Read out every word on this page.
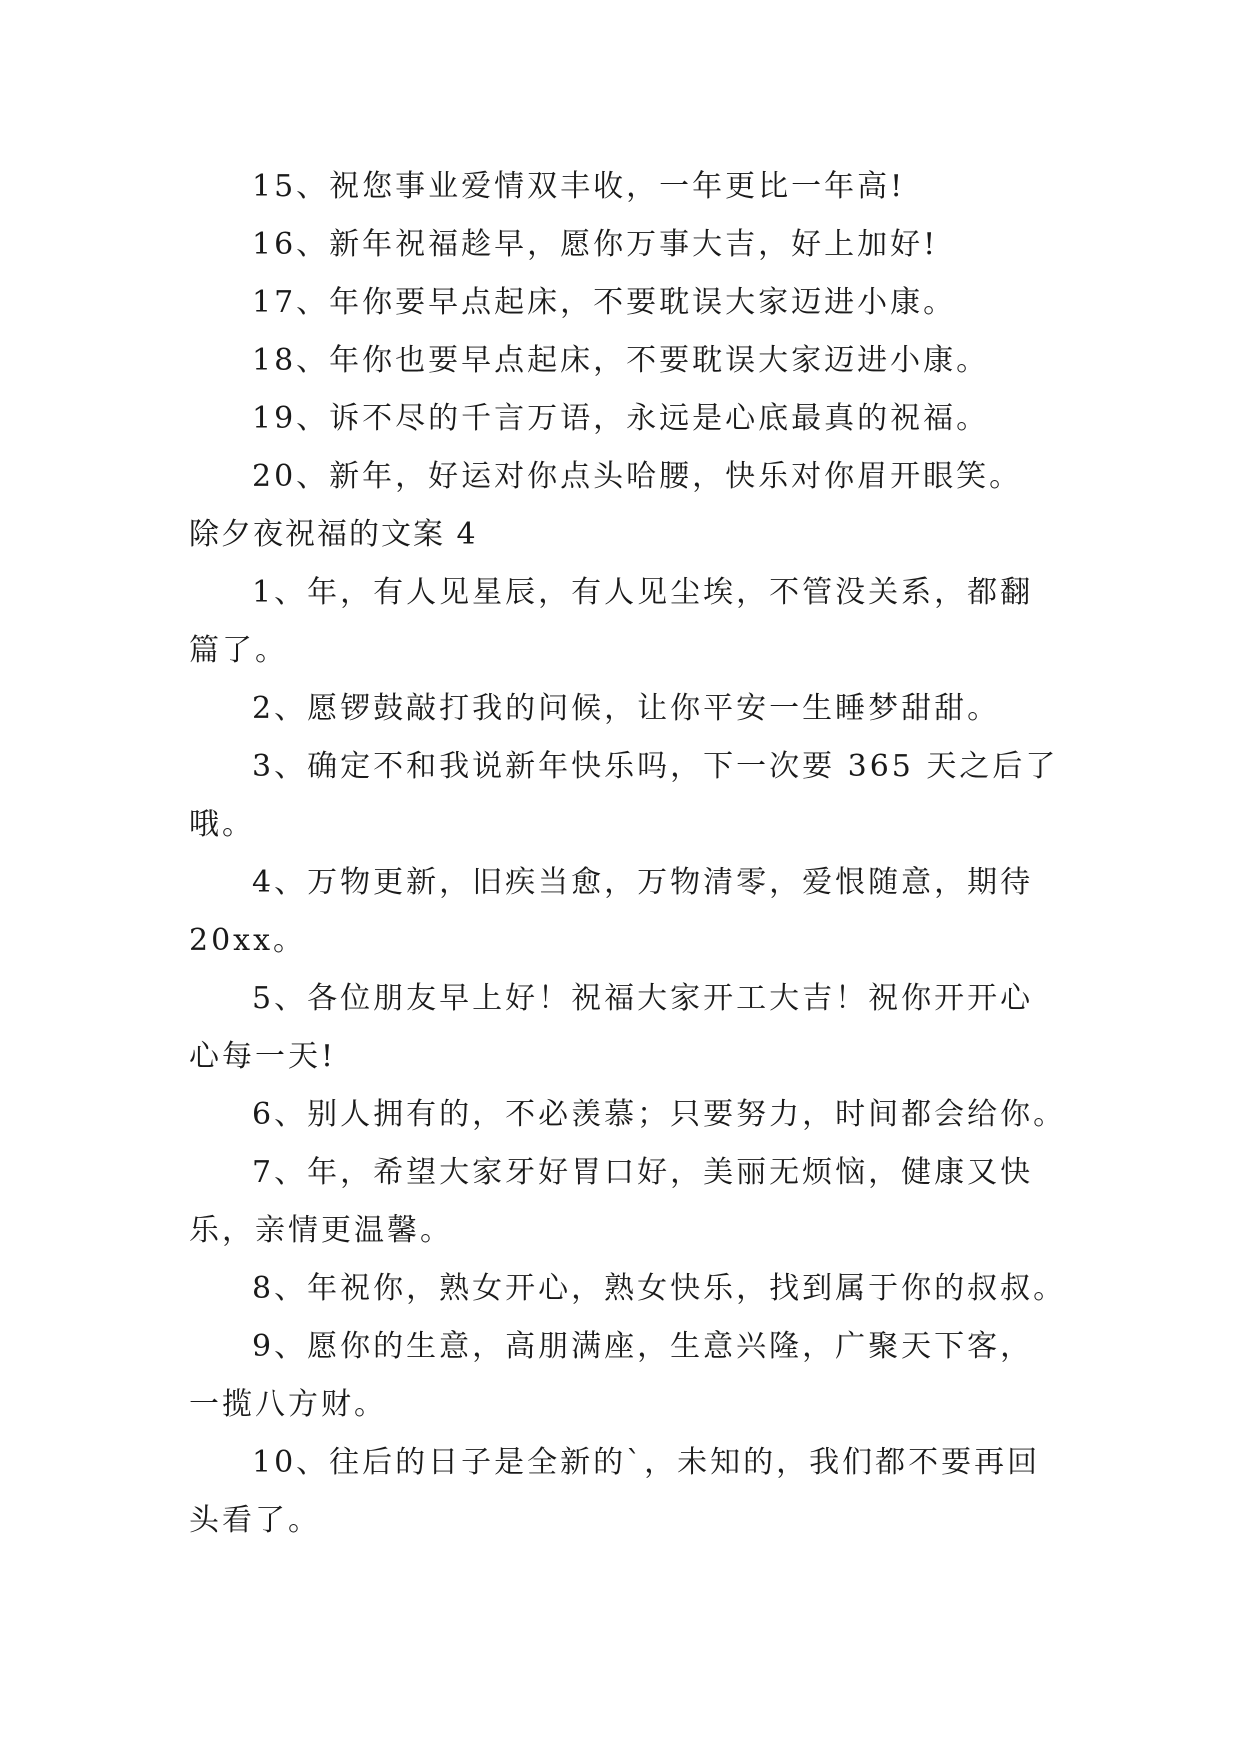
15、祝您事业爱情双丰收，一年更比一年高!
16、新年祝福趁早，愿你万事大吉，好上加好!
17、年你要早点起床，不要耽误大家迈进小康。
18、年你也要早点起床，不要耽误大家迈进小康。
19、诉不尽的千言万语，永远是心底最真的祝福。
20、新年，好运对你点头哈腰，快乐对你眉开眼笑。
除夕夜祝福的文案 4
1、年，有人见星辰，有人见尘埃，不管没关系，都翻
篇了。
2、愿锣鼓敲打我的问候，让你平安一生睡梦甜甜。
3、确定不和我说新年快乐吗，下一次要 365 天之后了
哦。
4、万物更新，旧疾当愈，万物清零，爱恨随意，期待
20xx。
5、各位朋友早上好！祝福大家开工大吉！祝你开开心
心每一天!
6、别人拥有的，不必羡慕；只要努力，时间都会给你。
7、年，希望大家牙好胃口好，美丽无烦恼，健康又快
乐，亲情更温馨。
8、年祝你，熟女开心，熟女快乐，找到属于你的叔叔。
9、愿你的生意，高朋满座，生意兴隆，广聚天下客，
一揽八方财。
10、往后的日子是全新的`，未知的，我们都不要再回
头看了。
